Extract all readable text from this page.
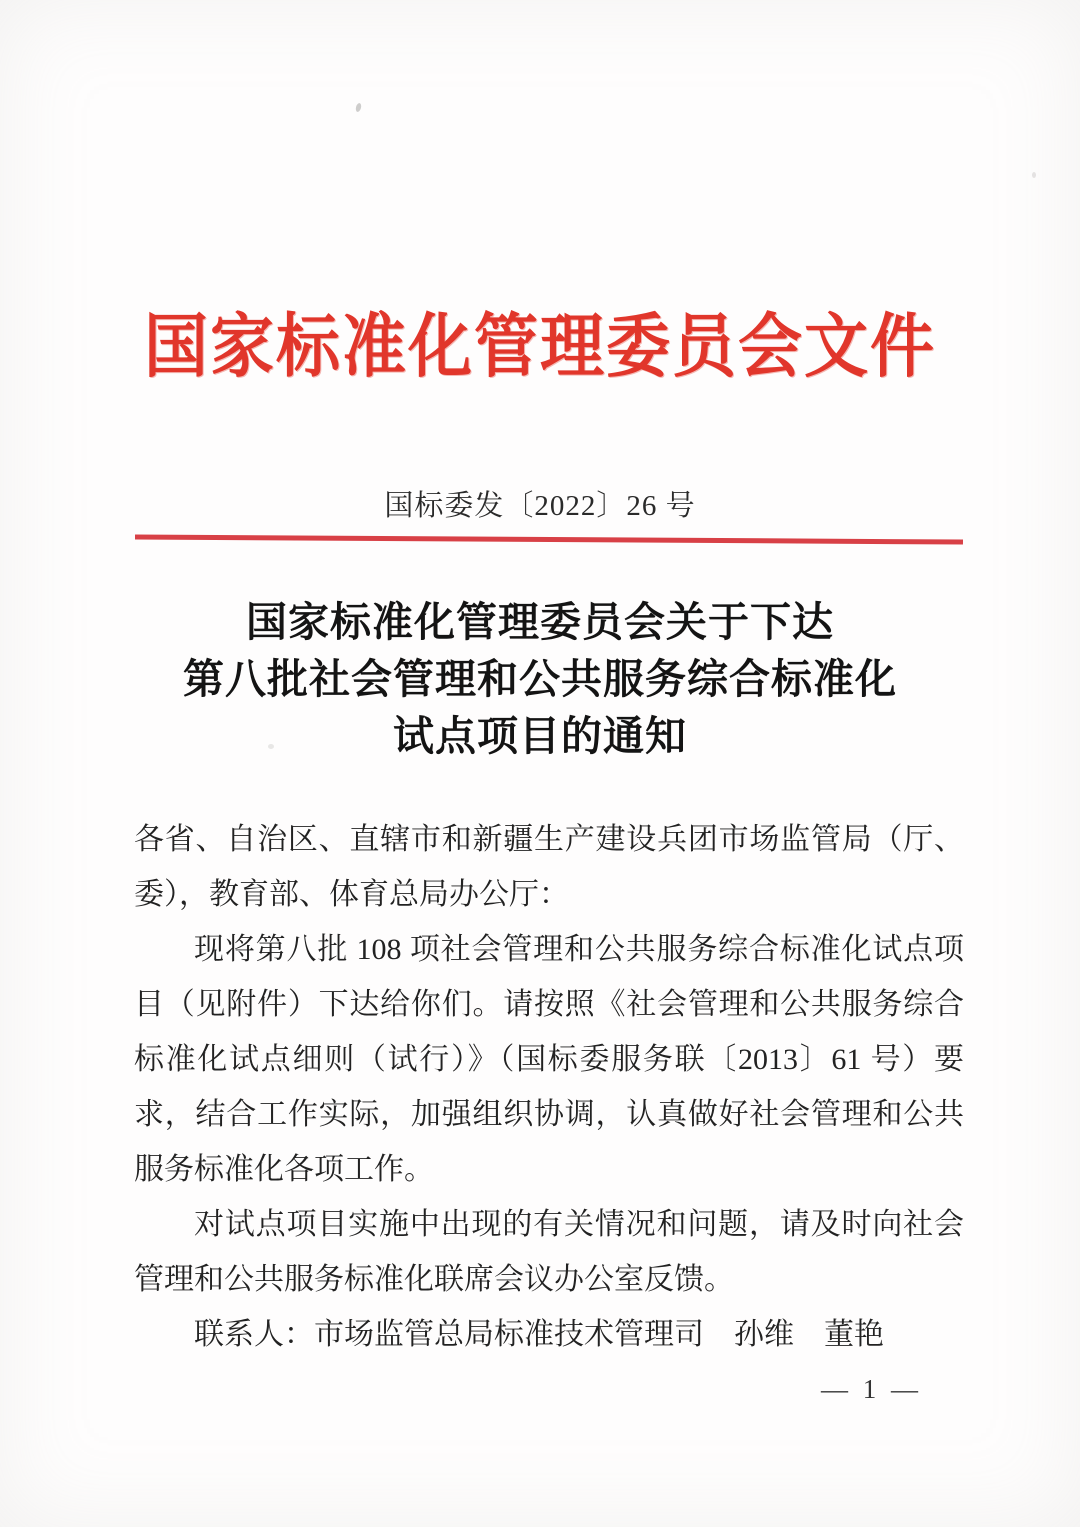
国家标准化管理委员会文件
国标委发〔2022〕26 号
国家标准化管理委员会关于下达
第八批社会管理和公共服务综合标准化
试点项目的通知

各省、自治区、直辖市和新疆生产建设兵团市场监管局（厅、委），教育部、体育总局办公厅：

现将第八批 108 项社会管理和公共服务综合标准化试点项目（见附件）下达给你们。请按照《社会管理和公共服务综合标准化试点细则（试行）》（国标委服务联〔2013〕61 号）要求，结合工作实际，加强组织协调，认真做好社会管理和公共服务标准化各项工作。

对试点项目实施中出现的有关情况和问题，请及时向社会管理和公共服务标准化联席会议办公室反馈。

联系人：市场监管总局标准技术管理司　孙维　董艳

— 1 —
